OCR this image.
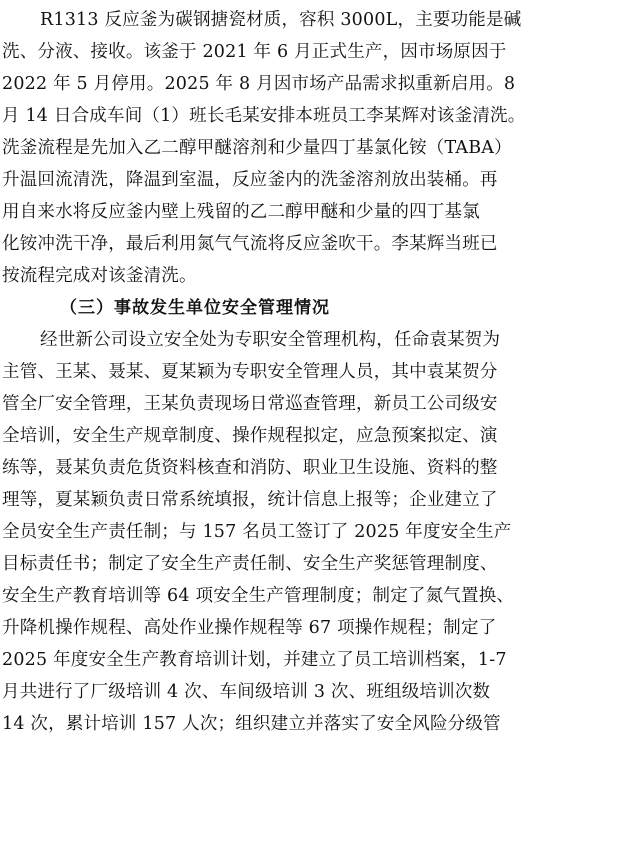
R1313 反应釜为碳钢搪瓷材质，容积 3000L，主要功能是碱
洗、分液、接收。该釜于 2021 年 6 月正式生产，因市场原因于
2022 年 5 月停用。2025 年 8 月因市场产品需求拟重新启用。8
月 14 日合成车间（1）班长毛某安排本班员工李某辉对该釜清洗。
洗釜流程是先加入乙二醇甲醚溶剂和少量四丁基氯化铵（TABA）
升温回流清洗，降温到室温，反应釜内的洗釜溶剂放出装桶。再
用自来水将反应釜内壁上残留的乙二醇甲醚和少量的四丁基氯
化铵冲洗干净，最后利用氮气气流将反应釜吹干。李某辉当班已
按流程完成对该釜清洗。
（三）事故发生单位安全管理情况
经世新公司设立安全处为专职安全管理机构，任命袁某贺为
主管、王某、聂某、夏某颖为专职安全管理人员，其中袁某贺分
管全厂安全管理，王某负责现场日常巡查管理，新员工公司级安
全培训，安全生产规章制度、操作规程拟定，应急预案拟定、演
练等，聂某负责危货资料核查和消防、职业卫生设施、资料的整
理等，夏某颖负责日常系统填报，统计信息上报等；企业建立了
全员安全生产责任制；与 157 名员工签订了 2025 年度安全生产
目标责任书；制定了安全生产责任制、安全生产奖惩管理制度、
安全生产教育培训等 64 项安全生产管理制度；制定了氮气置换、
升降机操作规程、高处作业操作规程等 67 项操作规程；制定了
2025 年度安全生产教育培训计划，并建立了员工培训档案，1-7
月共进行了厂级培训 4 次、车间级培训 3 次、班组级培训次数
14 次，累计培训 157 人次；组织建立并落实了安全风险分级管
